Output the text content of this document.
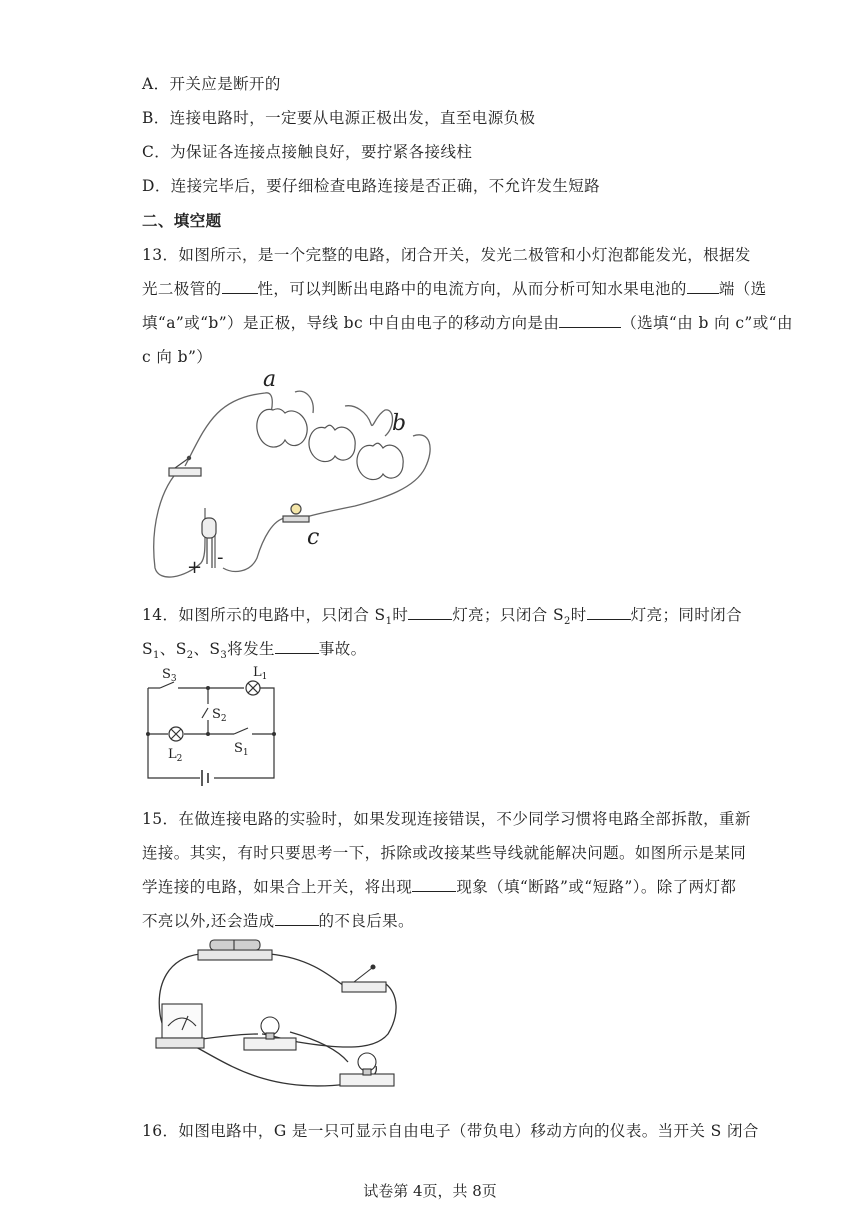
A．开关应是断开的
B．连接电路时，一定要从电源正极出发，直至电源负极
C．为保证各连接点接触良好，要拧紧各接线柱
D．连接完毕后，要仔细检查电路连接是否正确，不允许发生短路
二、填空题
13．如图所示，是一个完整的电路，闭合开关，发光二极管和小灯泡都能发光，根据发
光二极管的 性，可以判断出电路中的电流方向，从而分析可知水果电池的 端（选
填“a”或“b”）是正极，导线 bc 中自由电子的移动方向是由	（选填“由 b 向 c”或“由
c 向 b”）
a
b
c
+ -
14．如图所示的电路中，只闭合 $S_1$时	灯亮；只闭合 $S_2$时	灯亮；同时闭合
$S_1$、$S_2$、$S_3$将发生	事故。
$S_3$	$L_1$
$S_2$
$L_2$
$S_1$
15．在做连接电路的实验时，如果发现连接错误，不少同学习惯将电路全部拆散，重新
连接。其实，有时只要思考一下，拆除或改接某些导线就能解决问题。如图所示是某同
学连接的电路，如果合上开关，将出现	现象（填“断路”或“短路”）。除了两灯都
不亮以外,还会造成	的不良后果。
16．如图电路中，G 是一只可显示自由电子（带负电）移动方向的仪表。当开关 S 闭合
试卷第 4页，共 8页
